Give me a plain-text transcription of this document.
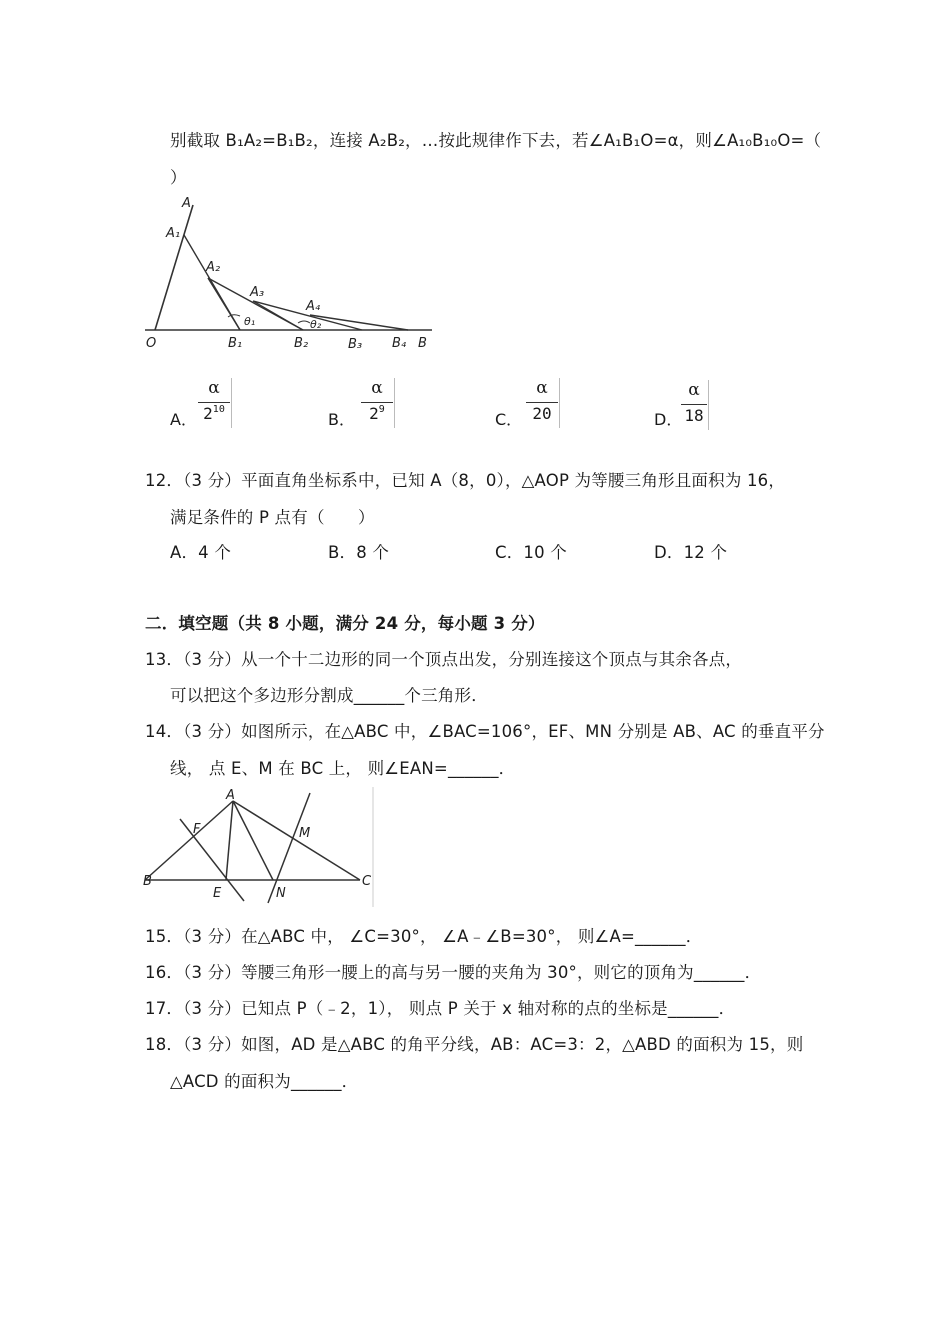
别截取 B₁A₂=B₁B₂，连接 A₂B₂，…按此规律作下去，若∠A₁B₁O=α，则∠A₁₀B₁₀O=（
）
A
A₁
A₂
A₃
A₄
O	B₁	B₂	B₃ B₄ B
θ₁	θ₂
A．
α
$2^{10}$
B．
α
$2^9$
C．
α
20	D．
α
18
12．（3 分）平面直角坐标系中，已知 A（8，0），△AOP 为等腰三角形且面积为 16，
满足条件的 P 点有（　　）
A．4 个	B．8 个	C．10 个	D．12 个
二．填空题（共 8 小题，满分 24 分，每小题 3 分）
13．（3 分）从一个十二边形的同一个顶点出发，分别连接这个顶点与其余各点，
可以把这个多边形分割成______个三角形．
14．（3 分）如图所示，在△ABC 中，∠BAC=106°，EF、MN 分别是 AB、AC 的垂直平分
线， 点 E、M 在 BC 上， 则∠EAN=______．
A
F	M
B
E	N
C
15．（3 分）在△ABC 中， ∠C=30°， ∠A﹣∠B=30°， 则∠A=______．
16．（3 分）等腰三角形一腰上的高与另一腰的夹角为 30°，则它的顶角为______．
17．（3 分）已知点 P（﹣2，1）， 则点 P 关于 x 轴对称的点的坐标是______．
18．（3 分）如图，AD 是△ABC 的角平分线，AB：AC=3：2，△ABD 的面积为 15，则
△ACD 的面积为______．
